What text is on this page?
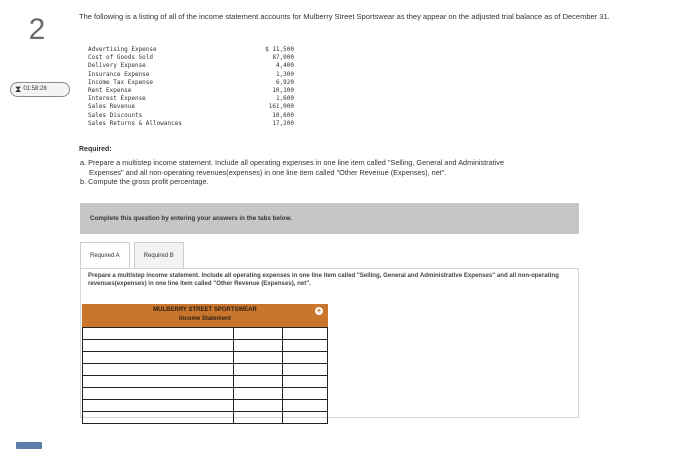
2
⧗ 01:58:28
The following is a listing of all of the income statement accounts for Mulberry Street Sportswear as they appear on the adjusted trial balance as of December 31.
Advertising Expense	$ 11,500
Cost of Goods Sold	87,000
Delivery Expense	4,400
Insurance Expense	1,300
Income Tax Expense	6,920
Rent Expense	10,100
Interest Expense	1,600
Sales Revenue	161,000
Sales Discounts	10,600
Sales Returns & Allowances	17,200
Required:
a. Prepare a multistep income statement. Include all operating expenses in one line item called "Selling, General and Administrative
Expenses" and all non-operating revenues(expenses) in one line item called "Other Revenue (Expenses), net".
b. Compute the gross profit percentage.
Complete this question by entering your answers in the tabs below.
Required A	Required B
Prepare a multistep income statement. Include all operating expenses in one line item called "Selling, General and Administrative Expenses" and all non-operating revenues(expenses) in one line item called "Other Revenue (Expenses), net".
MULBERRY STREET SPORTSWEAR
Income Statement
+
